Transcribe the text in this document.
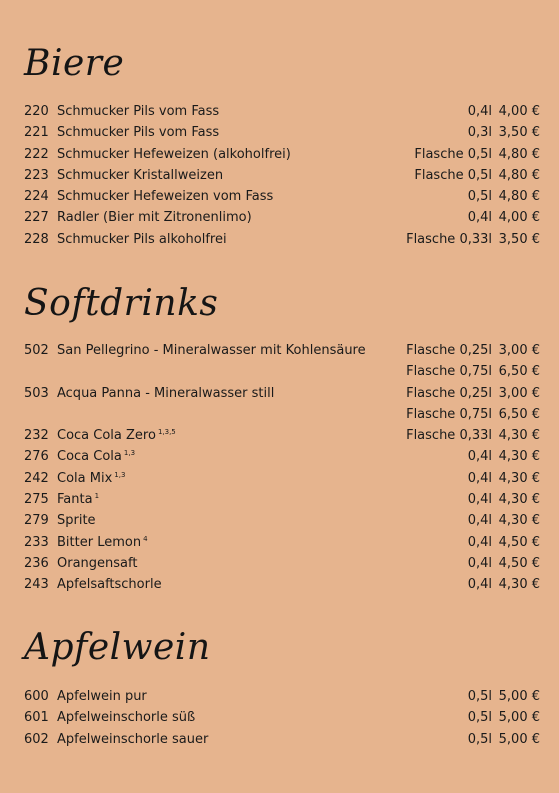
Biere
220 Schmucker Pils vom Fass	0,4l 4,00 €
221 Schmucker Pils vom Fass	0,3l 3,50 €
222 Schmucker Hefeweizen (alkoholfrei)	Flasche 0,5l 4,80 €
223 Schmucker Kristallweizen	Flasche 0,5l 4,80 €
224 Schmucker Hefeweizen vom Fass	0,5l 4,80 €
227 Radler (Bier mit Zitronenlimo)	0,4l 4,00 €
228 Schmucker Pils alkoholfrei	Flasche 0,33l 3,50 €
Softdrinks
502 San Pellegrino - Mineralwasser mit Kohlensäure	Flasche 0,25l 3,00 €
Flasche 0,75l 6,50 €
503 Acqua Panna - Mineralwasser still	Flasche 0,25l 3,00 €
Flasche 0,75l 6,50 €
232 Coca Cola Zero $^{1,3,5}$	Flasche 0,33l 4,30 €
276 Coca Cola $^{1,3}$	0,4l 4,30 €
242 Cola Mix $^{1,3}$	0,4l 4,30 €
275 Fanta $^1$	0,4l 4,30 €
279 Sprite	0,4l 4,30 €
233 Bitter Lemon $^4$	0,4l 4,50 €
236 Orangensaft	0,4l 4,50 €
243 Apfelsaftschorle	0,4l 4,30 €
Apfelwein
600 Apfelwein pur	0,5l 5,00 €
601 Apfelweinschorle süß	0,5l 5,00 €
602 Apfelweinschorle sauer	0,5l 5,00 €
